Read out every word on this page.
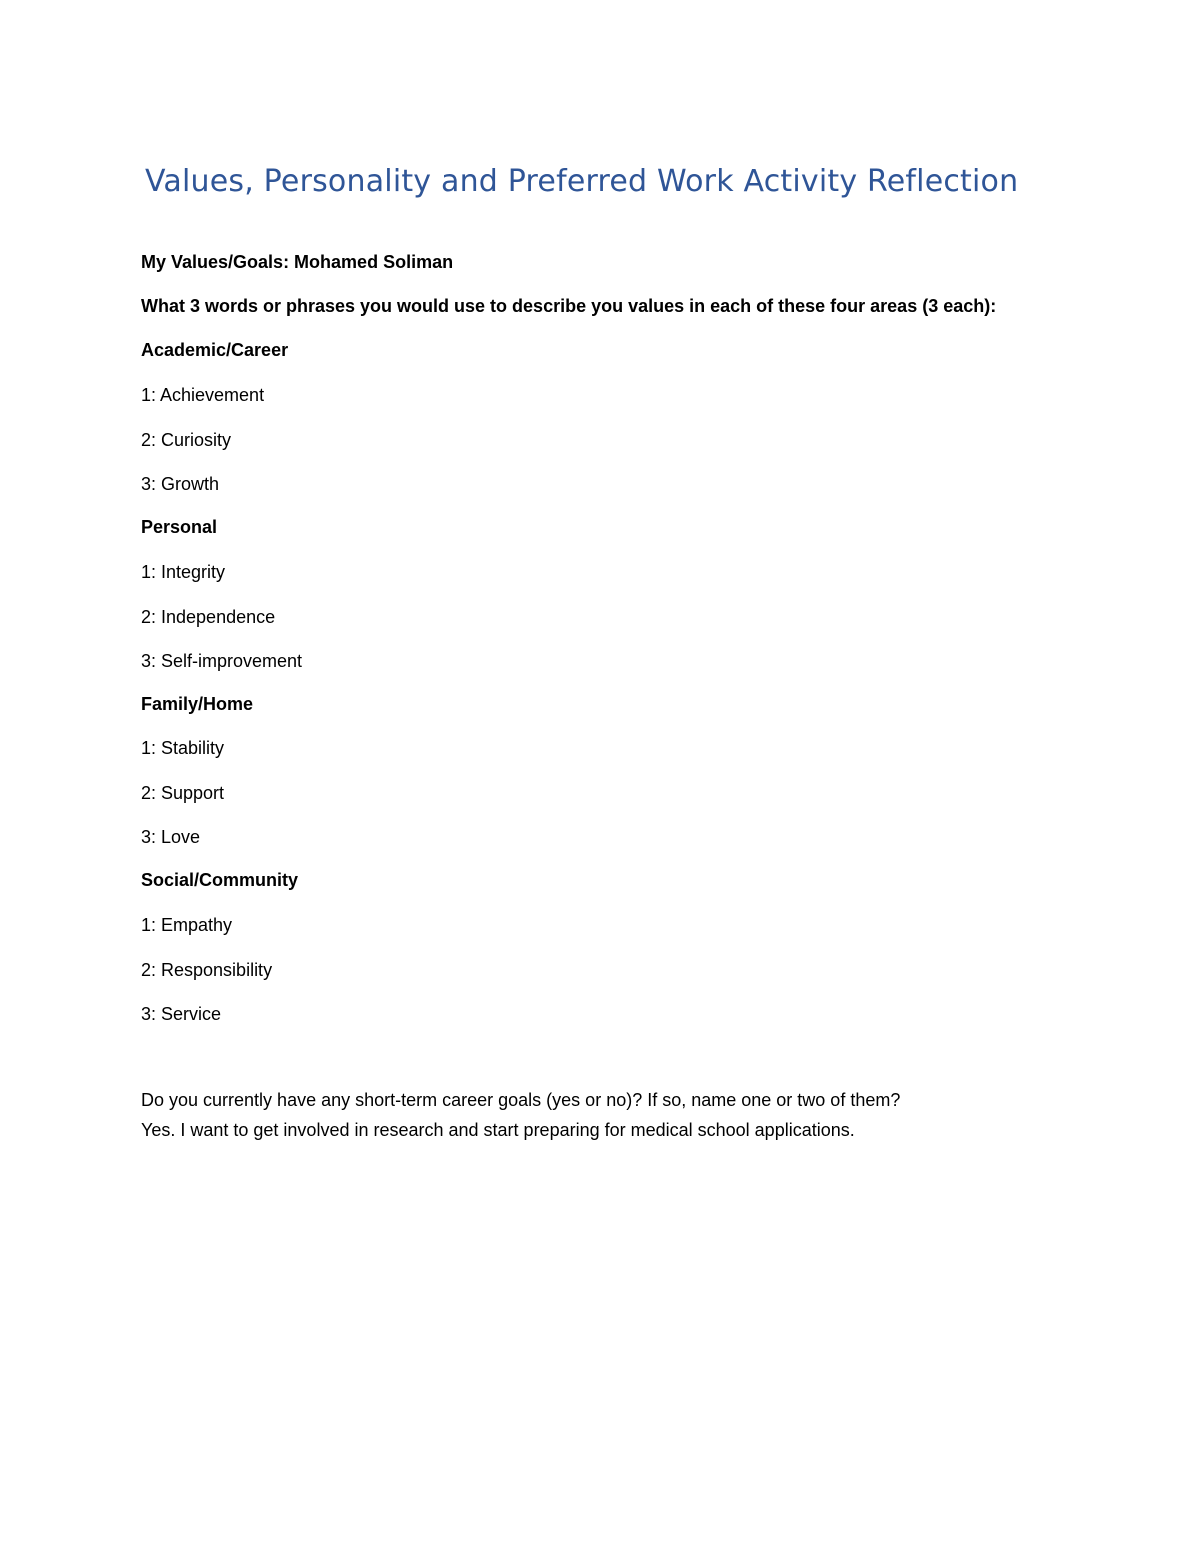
Values, Personality and Preferred Work Activity Reflection
My Values/Goals: Mohamed Soliman
What 3 words or phrases you would use to describe you values in each of these four areas (3 each):
Academic/Career
1: Achievement
2: Curiosity
3: Growth
Personal
1: Integrity
2: Independence
3: Self-improvement
Family/Home
1: Stability
2: Support
3: Love
Social/Community
1: Empathy
2: Responsibility
3: Service
Do you currently have any short-term career goals (yes or no)? If so, name one or two of them?
Yes. I want to get involved in research and start preparing for medical school applications.
